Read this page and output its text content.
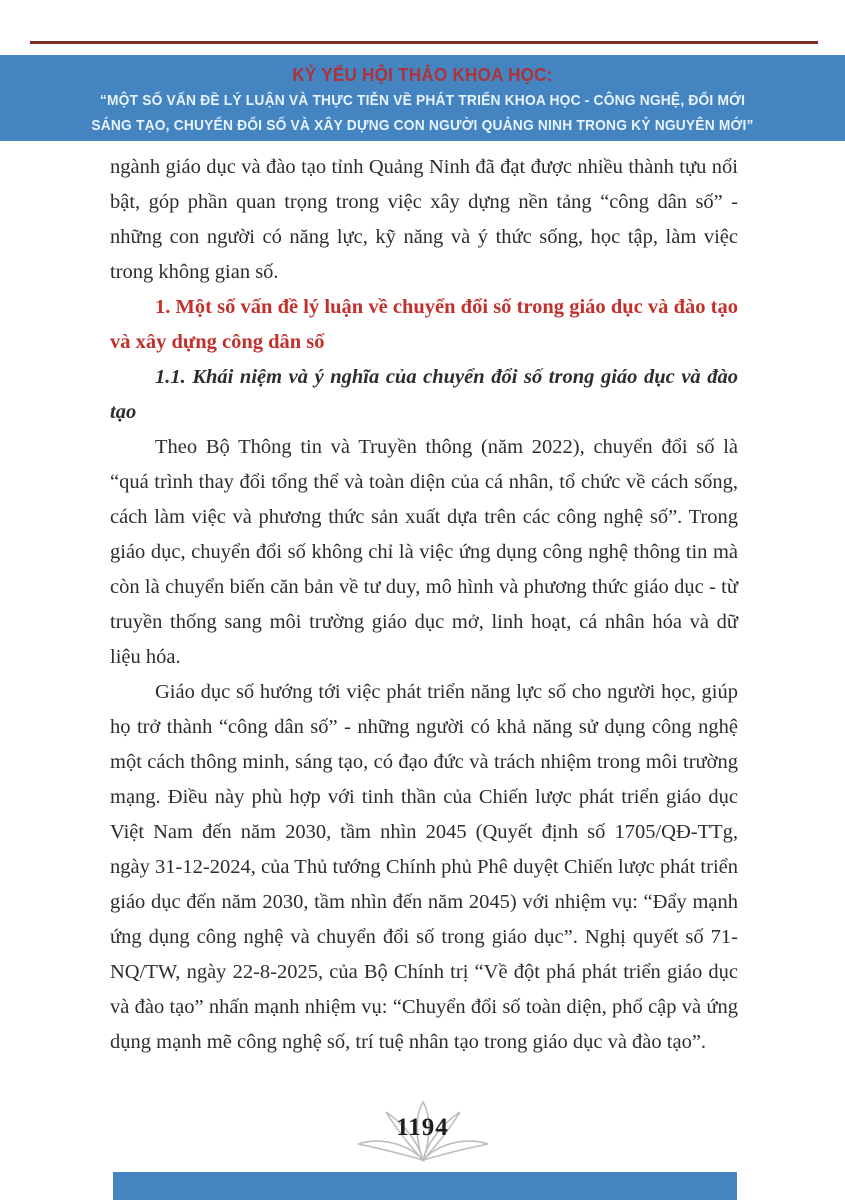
KỶ YẾU HỘI THẢO KHOA HỌC:
“MỘT SỐ VẤN ĐỀ LÝ LUẬN VÀ THỰC TIỄN VỀ PHÁT TRIỂN KHOA HỌC - CÔNG NGHỆ, ĐỔI MỚI
SÁNG TẠO, CHUYỂN ĐỔI SỐ VÀ XÂY DỰNG CON NGƯỜI QUẢNG NINH TRONG KỶ NGUYÊN MỚI”

ngành giáo dục và đào tạo tỉnh Quảng Ninh đã đạt được nhiều thành tựu nổi bật, góp phần quan trọng trong việc xây dựng nền tảng “công dân số” - những con người có năng lực, kỹ năng và ý thức sống, học tập, làm việc trong không gian số.

1. Một số vấn đề lý luận về chuyển đổi số trong giáo dục và đào tạo và xây dựng công dân số

1.1. Khái niệm và ý nghĩa của chuyển đổi số trong giáo dục và đào tạo

Theo Bộ Thông tin và Truyền thông (năm 2022), chuyển đổi số là “quá trình thay đổi tổng thể và toàn diện của cá nhân, tổ chức về cách sống, cách làm việc và phương thức sản xuất dựa trên các công nghệ số”. Trong giáo dục, chuyển đổi số không chỉ là việc ứng dụng công nghệ thông tin mà còn là chuyển biến căn bản về tư duy, mô hình và phương thức giáo dục - từ truyền thống sang môi trường giáo dục mở, linh hoạt, cá nhân hóa và dữ liệu hóa.

Giáo dục số hướng tới việc phát triển năng lực số cho người học, giúp họ trở thành “công dân số” - những người có khả năng sử dụng công nghệ một cách thông minh, sáng tạo, có đạo đức và trách nhiệm trong môi trường mạng. Điều này phù hợp với tinh thần của Chiến lược phát triển giáo dục Việt Nam đến năm 2030, tầm nhìn 2045 (Quyết định số 1705/QĐ-TTg, ngày 31-12-2024, của Thủ tướng Chính phủ Phê duyệt Chiến lược phát triển giáo dục đến năm 2030, tầm nhìn đến năm 2045) với nhiệm vụ: “Đẩy mạnh ứng dụng công nghệ và chuyển đổi số trong giáo dục”. Nghị quyết số 71-NQ/TW, ngày 22-8-2025, của Bộ Chính trị “Về đột phá phát triển giáo dục và đào tạo” nhấn mạnh nhiệm vụ: “Chuyển đổi số toàn diện, phổ cập và ứng dụng mạnh mẽ công nghệ số, trí tuệ nhân tạo trong giáo dục và đào tạo”.

1194
